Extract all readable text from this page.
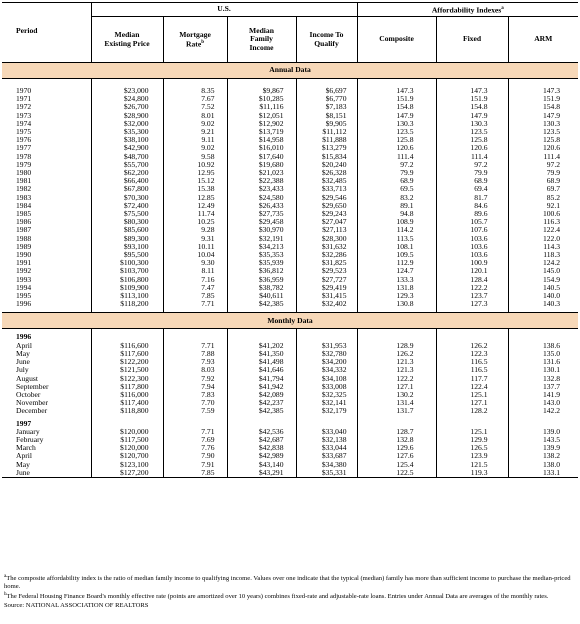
Period	U.S.				Affordability Indexes$^a$
	Median Existing Price	Mortgage Rate$^b$	Median Family Income	Income To Qualify	Composite	Fixed	ARM
Annual Data							

1970	$23,000	8.35	$9,867	$6,697	147.3	147.3	147.3
1971	$24,800	7.67	$10,285	$6,770	151.9	151.9	151.9
1972	$26,700	7.52	$11,116	$7,183	154.8	154.8	154.8
1973	$28,900	8.01	$12,051	$8,151	147.9	147.9	147.9
1974	$32,000	9.02	$12,902	$9,905	130.3	130.3	130.3
1975	$35,300	9.21	$13,719	$11,112	123.5	123.5	123.5
1976	$38,100	9.11	$14,958	$11,888	125.8	125.8	125.8
1977	$42,900	9.02	$16,010	$13,279	120.6	120.6	120.6
1978	$48,700	9.58	$17,640	$15,834	111.4	111.4	111.4
1979	$55,700	10.92	$19,680	$20,240	97.2	97.2	97.2
1980	$62,200	12.95	$21,023	$26,328	79.9	79.9	79.9
1981	$66,400	15.12	$22,388	$32,485	68.9	68.9	68.9
1982	$67,800	15.38	$23,433	$33,713	69.5	69.4	69.7
1983	$70,300	12.85	$24,580	$29,546	83.2	81.7	85.2
1984	$72,400	12.49	$26,433	$29,650	89.1	84.6	92.1
1985	$75,500	11.74	$27,735	$29,243	94.8	89.6	100.6
1986	$80,300	10.25	$29,458	$27,047	108.9	105.7	116.3
1987	$85,600	9.28	$30,970	$27,113	114.2	107.6	122.4
1988	$89,300	9.31	$32,191	$28,300	113.5	103.6	122.0
1989	$93,100	10.11	$34,213	$31,632	108.1	103.6	114.3
1990	$95,500	10.04	$35,353	$32,286	109.5	103.6	118.3
1991	$100,300	9.30	$35,939	$31,825	112.9	100.9	124.2
1992	$103,700	8.11	$36,812	$29,523	124.7	120.1	145.0
1993	$106,800	7.16	$36,959	$27,727	133.3	128.4	154.9
1994	$109,900	7.47	$38,782	$29,419	131.8	122.2	140.5
1995	$113,100	7.85	$40,611	$31,415	129.3	123.7	140.0
1996	$118,200	7.71	$42,385	$32,402	130.8	127.3	140.3

Monthly Data							

1996							
April	$116,600	7.71	$41,202	$31,953	128.9	126.2	138.6
May	$117,600	7.88	$41,350	$32,780	126.2	122.3	135.0
June	$122,200	7.93	$41,498	$34,200	121.3	116.5	131.6
July	$121,500	8.03	$41,646	$34,332	121.3	116.5	130.1
August	$122,300	7.92	$41,794	$34,108	122.2	117.7	132.8
September	$117,800	7.94	$41,942	$33,008	127.1	122.4	137.7
October	$116,000	7.83	$42,089	$32,325	130.2	125.1	141.9
November	$117,400	7.70	$42,237	$32,141	131.4	127.1	143.0
December	$118,800	7.59	$42,385	$32,179	131.7	128.2	142.2

1997							
January	$120,000	7.71	$42,536	$33,040	128.7	125.1	139.0
February	$117,500	7.69	$42,687	$32,138	132.8	129.9	143.5
March	$120,000	7.76	$42,838	$33,044	129.6	126.5	139.9
April	$120,700	7.90	$42,989	$33,687	127.6	123.9	138.2
May	$123,100	7.91	$43,140	$34,380	125.4	121.5	138.0
June	$127,200	7.85	$43,291	$35,331	122.5	119.3	133.1
$^a$The composite affordability index is the ratio of median family income to qualifying income. Values over one indicate that the typical (median) family has more than sufficient income to purchase the median-priced home.
$^b$The Federal Housing Finance Board's monthly effective rate (points are amortized over 10 years) combines fixed-rate and adjustable-rate loans. Entries under Annual Data are averages of the monthly rates.
Source: NATIONAL ASSOCIATION OF REALTORS
